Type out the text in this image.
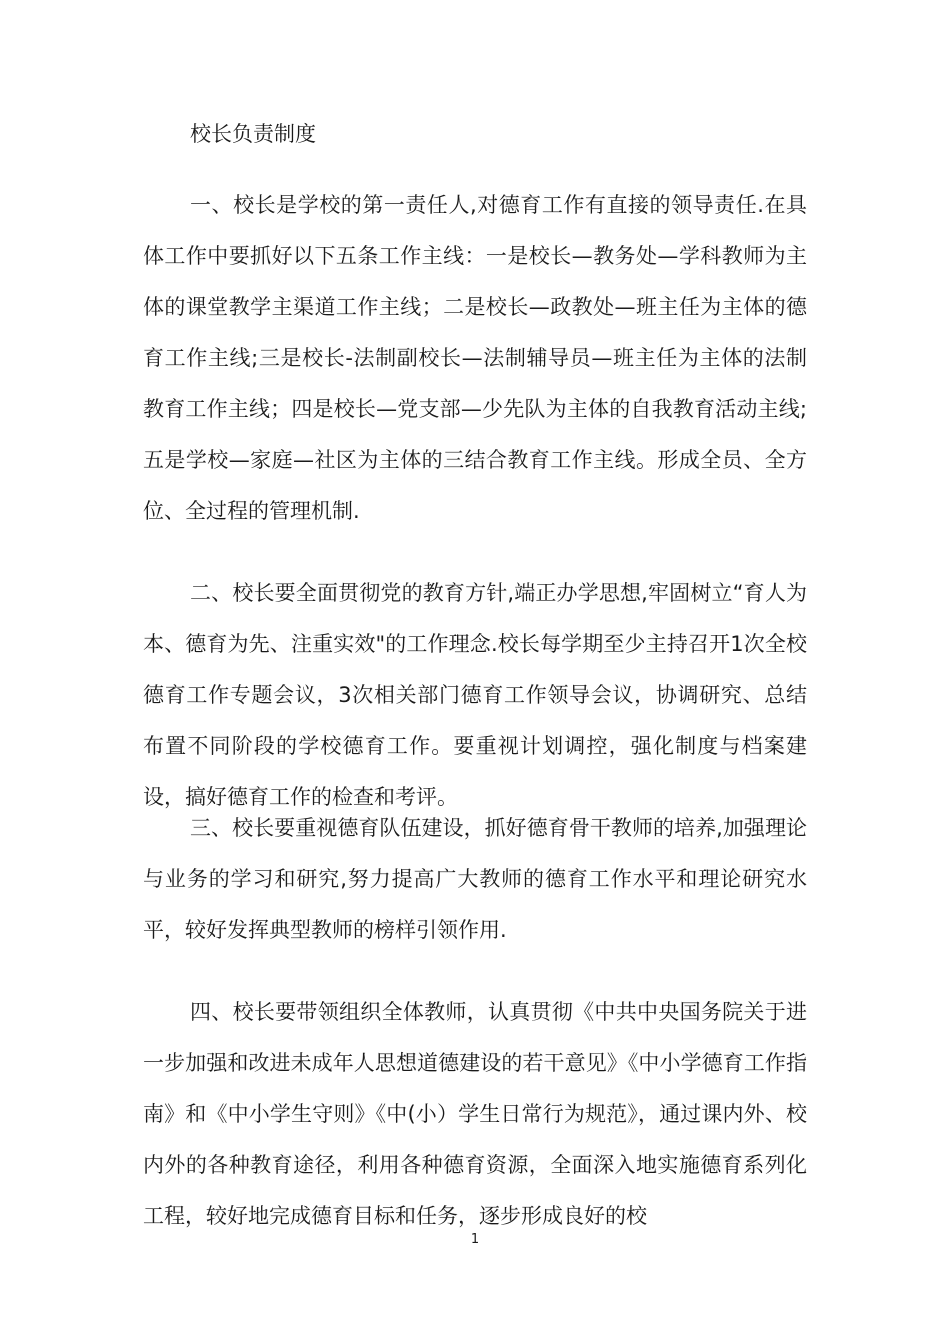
校长负责制度

一、校长是学校的第一责任人,对德育工作有直接的领导责任.在具体工作中要抓好以下五条工作主线：一是校长—教务处—学科教师为主体的课堂教学主渠道工作主线；二是校长—政教处—班主任为主体的德育工作主线;三是校长-法制副校长—法制辅导员—班主任为主体的法制教育工作主线；四是校长—党支部—少先队为主体的自我教育活动主线;五是学校—家庭—社区为主体的三结合教育工作主线。形成全员、全方位、全过程的管理机制.

二、校长要全面贯彻党的教育方针,端正办学思想,牢固树立“育人为本、德育为先、注重实效"的工作理念.校长每学期至少主持召开1次全校德育工作专题会议，3次相关部门德育工作领导会议，协调研究、总结布置不同阶段的学校德育工作。要重视计划调控，强化制度与档案建设，搞好德育工作的检查和考评。

三、校长要重视德育队伍建设，抓好德育骨干教师的培养,加强理论与业务的学习和研究,努力提高广大教师的德育工作水平和理论研究水平，较好发挥典型教师的榜样引领作用.

四、校长要带领组织全体教师，认真贯彻《中共中央国务院关于进一步加强和改进未成年人思想道德建设的若干意见》《中小学德育工作指南》和《中小学生守则》《中(小）学生日常行为规范》，通过课内外、校内外的各种教育途径，利用各种德育资源，全面深入地实施德育系列化工程，较好地完成德育目标和任务，逐步形成良好的校

1
